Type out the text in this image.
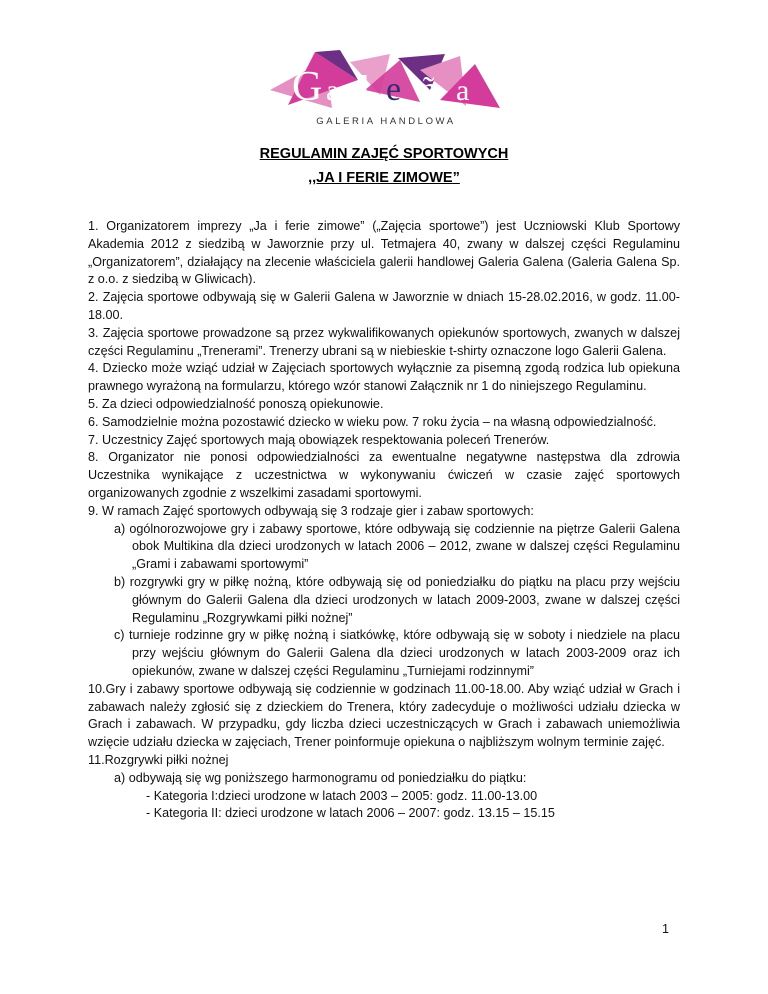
G a l e ñ a
GALERIA HANDLOWA
REGULAMIN ZAJĘĆ SPORTOWYCH
,,JA I FERIE ZIMOWE”

1. Organizatorem imprezy „Ja i ferie zimowe” („Zajęcia sportowe”) jest Uczniowski Klub Sportowy Akademia 2012 z siedzibą w Jaworznie przy ul. Tetmajera 40, zwany w dalszej części Regulaminu „Organizatorem”, działający na zlecenie właściciela galerii handlowej Galeria Galena (Galeria Galena Sp. z o.o. z siedzibą w Gliwicach).

2. Zajęcia sportowe odbywają się w Galerii Galena w Jaworznie w dniach 15-28.02.2016, w godz. 11.00-18.00.

3. Zajęcia sportowe prowadzone są przez wykwalifikowanych opiekunów sportowych, zwanych w dalszej części Regulaminu „Trenerami”. Trenerzy ubrani są w niebieskie t-shirty oznaczone logo Galerii Galena.

4. Dziecko może wziąć udział w Zajęciach sportowych wyłącznie za pisemną zgodą rodzica lub opiekuna prawnego wyrażoną na formularzu, którego wzór stanowi Załącznik nr 1 do niniejszego Regulaminu.

5. Za dzieci odpowiedzialność ponoszą opiekunowie.

6. Samodzielnie można pozostawić dziecko w wieku pow. 7 roku życia – na własną odpowiedzialność.

7. Uczestnicy Zajęć sportowych mają obowiązek respektowania poleceń Trenerów.

8. Organizator nie ponosi odpowiedzialności za ewentualne negatywne następstwa dla zdrowia Uczestnika wynikające z uczestnictwa w wykonywaniu ćwiczeń w czasie zajęć sportowych organizowanych zgodnie z wszelkimi zasadami sportowymi.

9. W ramach Zajęć sportowych odbywają się 3 rodzaje gier i zabaw sportowych:

a) ogólnorozwojowe gry i zabawy sportowe, które odbywają się codziennie na piętrze Galerii Galena obok Multikina dla dzieci urodzonych w latach 2006 – 2012, zwane w dalszej części Regulaminu „Grami i zabawami sportowymi”

b) rozgrywki gry w piłkę nożną, które odbywają się od poniedziałku do piątku na placu przy wejściu głównym do Galerii Galena dla dzieci urodzonych w latach 2009-2003, zwane w dalszej części Regulaminu „Rozgrywkami piłki nożnej”

c) turnieje rodzinne gry w piłkę nożną i siatkówkę, które odbywają się w soboty i niedziele na placu przy wejściu głównym do Galerii Galena dla dzieci urodzonych w latach 2003-2009 oraz ich opiekunów, zwane w dalszej części Regulaminu „Turniejami rodzinnymi”

10.Gry i zabawy sportowe odbywają się codziennie w godzinach 11.00-18.00. Aby wziąć udział w Grach i zabawach należy zgłosić się z dzieckiem do Trenera, który zadecyduje o możliwości udziału dziecka w Grach i zabawach. W przypadku, gdy liczba dzieci uczestniczących w Grach i zabawach uniemożliwia wzięcie udziału dziecka w zajęciach, Trener poinformuje opiekuna o najbliższym wolnym terminie zajęć.

11.Rozgrywki piłki nożnej

a) odbywają się wg poniższego harmonogramu od poniedziałku do piątku:

- Kategoria I:dzieci urodzone w latach 2003 – 2005: godz. 11.00-13.00

- Kategoria II: dzieci urodzone w latach 2006 – 2007: godz. 13.15 – 15.15

1
